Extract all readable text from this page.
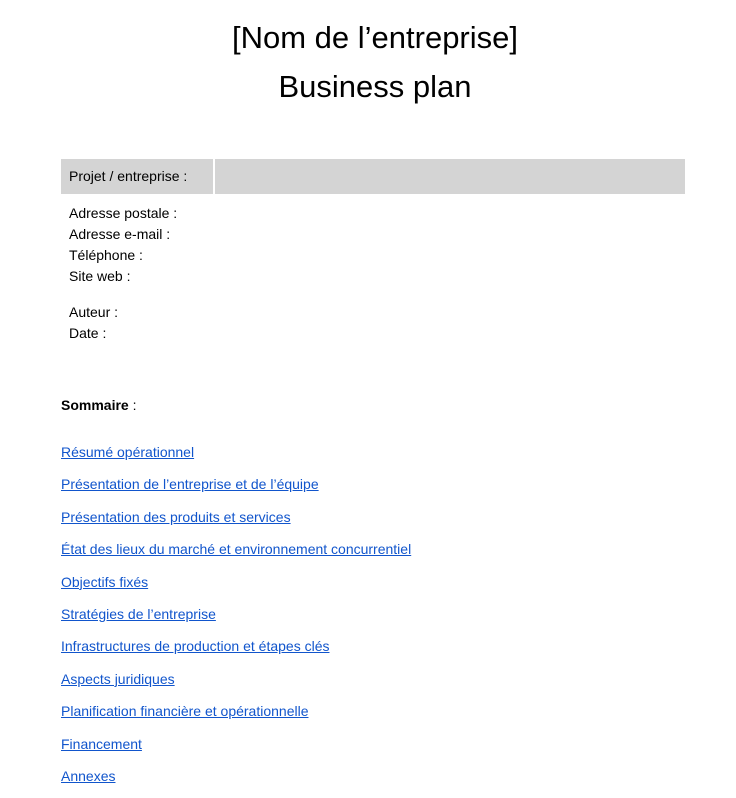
[Nom de l’entreprise]
Business plan
Projet / entreprise :
Adresse postale :
Adresse e-mail :
Téléphone :
Site web :
Auteur :
Date :
Sommaire :
Résumé opérationnel
Présentation de l’entreprise et de l’équipe
Présentation des produits et services
État des lieux du marché et environnement concurrentiel
Objectifs fixés
Stratégies de l’entreprise
Infrastructures de production et étapes clés
Aspects juridiques
Planification financière et opérationnelle
Financement
Annexes
